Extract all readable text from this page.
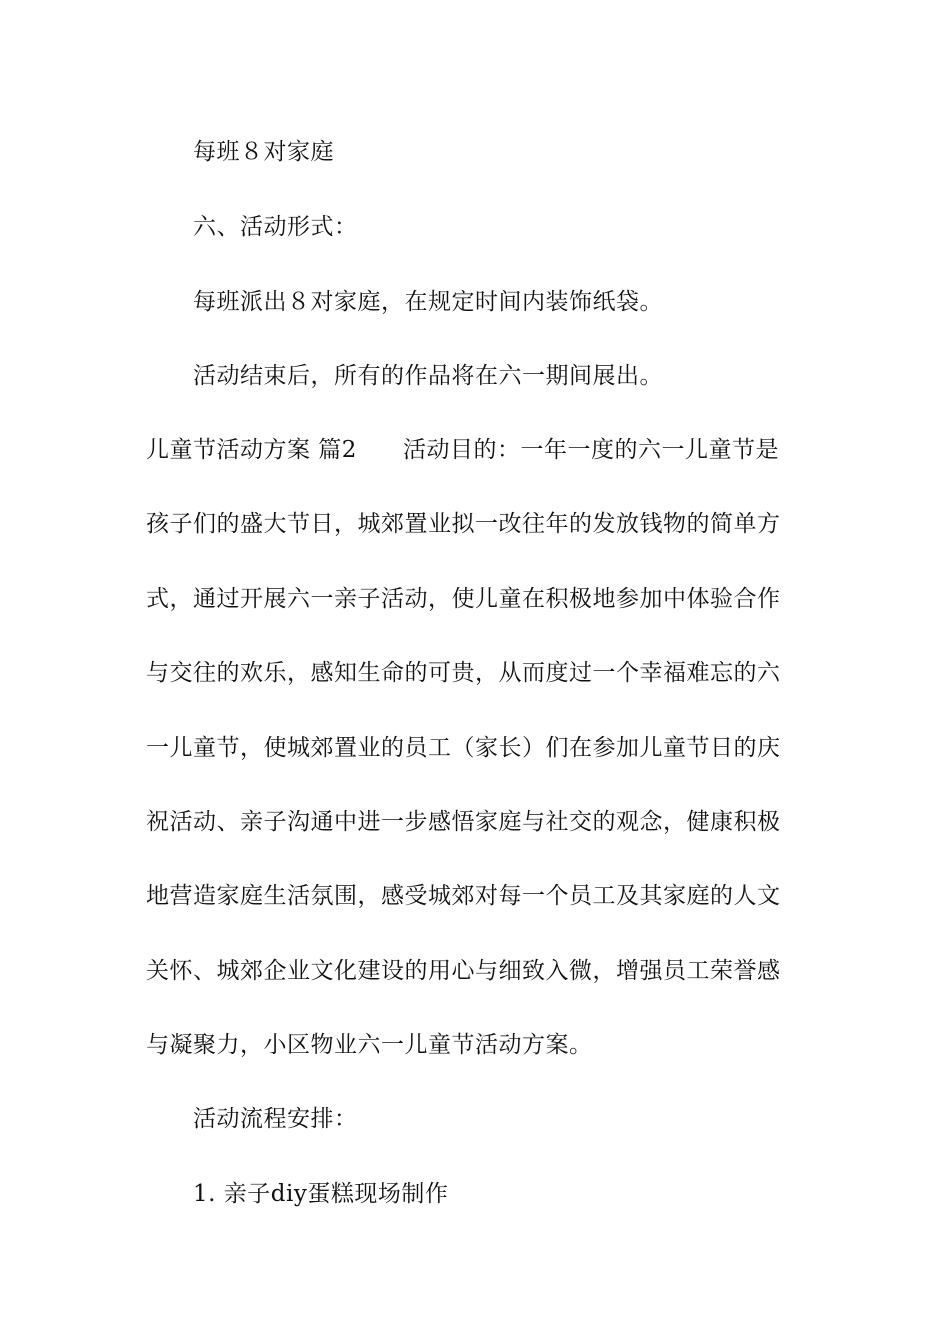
每班８对家庭
六、活动形式：
每班派出８对家庭，在规定时间内装饰纸袋。
活动结束后，所有的作品将在六一期间展出。
儿童节活动方案 篇2 活动目的：一年一度的六一儿童节是
孩子们的盛大节日，城郊置业拟一改往年的发放钱物的简单方
式，通过开展六一亲子活动，使儿童在积极地参加中体验合作
与交往的欢乐，感知生命的可贵，从而度过一个幸福难忘的六
一儿童节，使城郊置业的员工（家长）们在参加儿童节日的庆
祝活动、亲子沟通中进一步感悟家庭与社交的观念，健康积极
地营造家庭生活氛围，感受城郊对每一个员工及其家庭的人文
关怀、城郊企业文化建设的用心与细致入微，增强员工荣誉感
与凝聚力，小区物业六一儿童节活动方案。
活动流程安排：
1. 亲子diy蛋糕现场制作
